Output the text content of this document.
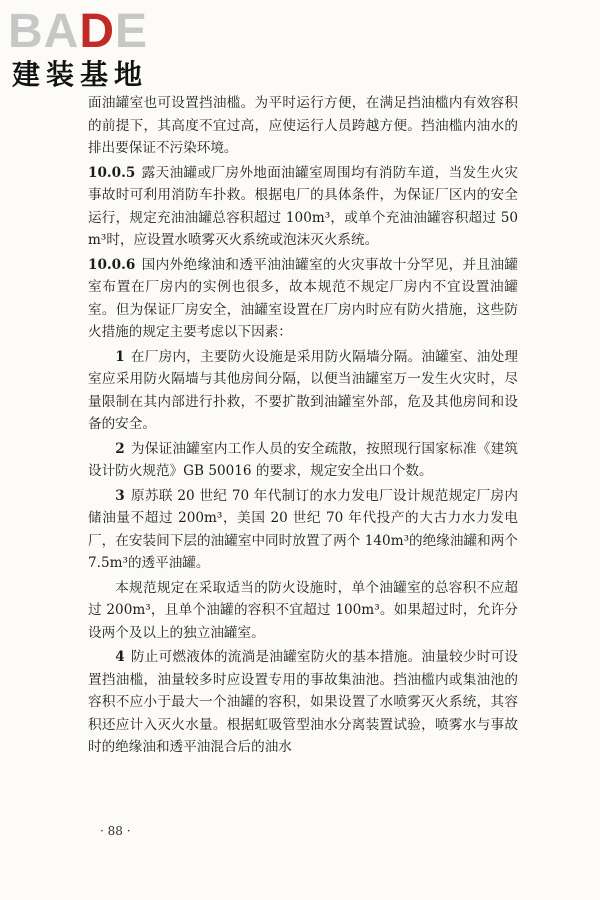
BADE
建装基地

面油罐室也可设置挡油槛。为平时运行方便，在满足挡油槛内有效容积的前提下，其高度不宜过高，应使运行人员跨越方便。挡油槛内油水的排出要保证不污染环境。

10.0.5 露天油罐或厂房外地面油罐室周围均有消防车道，当发生火灾事故时可利用消防车扑救。根据电厂的具体条件，为保证厂区内的安全运行，规定充油油罐总容积超过 100m³，或单个充油油罐容积超过 50m³时，应设置水喷雾灭火系统或泡沫灭火系统。

10.0.6 国内外绝缘油和透平油油罐室的火灾事故十分罕见，并且油罐室布置在厂房内的实例也很多，故本规范不规定厂房内不宜设置油罐室。但为保证厂房安全，油罐室设置在厂房内时应有防火措施，这些防火措施的规定主要考虑以下因素：

1 在厂房内，主要防火设施是采用防火隔墙分隔。油罐室、油处理室应采用防火隔墙与其他房间分隔，以便当油罐室万一发生火灾时，尽量限制在其内部进行扑救，不要扩散到油罐室外部，危及其他房间和设备的安全。

2 为保证油罐室内工作人员的安全疏散，按照现行国家标准《建筑设计防火规范》GB 50016 的要求，规定安全出口个数。

3 原苏联 20 世纪 70 年代制订的水力发电厂设计规范规定厂房内储油量不超过 200m³，美国 20 世纪 70 年代投产的大古力水力发电厂，在安装间下层的油罐室中同时放置了两个 140m³的绝缘油罐和两个 7.5m³的透平油罐。

本规范规定在采取适当的防火设施时，单个油罐室的总容积不应超过 200m³，且单个油罐的容积不宜超过 100m³。如果超过时，允许分设两个及以上的独立油罐室。

4 防止可燃液体的流淌是油罐室防火的基本措施。油量较少时可设置挡油槛，油量较多时应设置专用的事故集油池。挡油槛内或集油池的容积不应小于最大一个油罐的容积，如果设置了水喷雾灭火系统，其容积还应计入灭火水量。根据虹吸管型油水分离装置试验，喷雾水与事故时的绝缘油和透平油混合后的油水

· 88 ·
